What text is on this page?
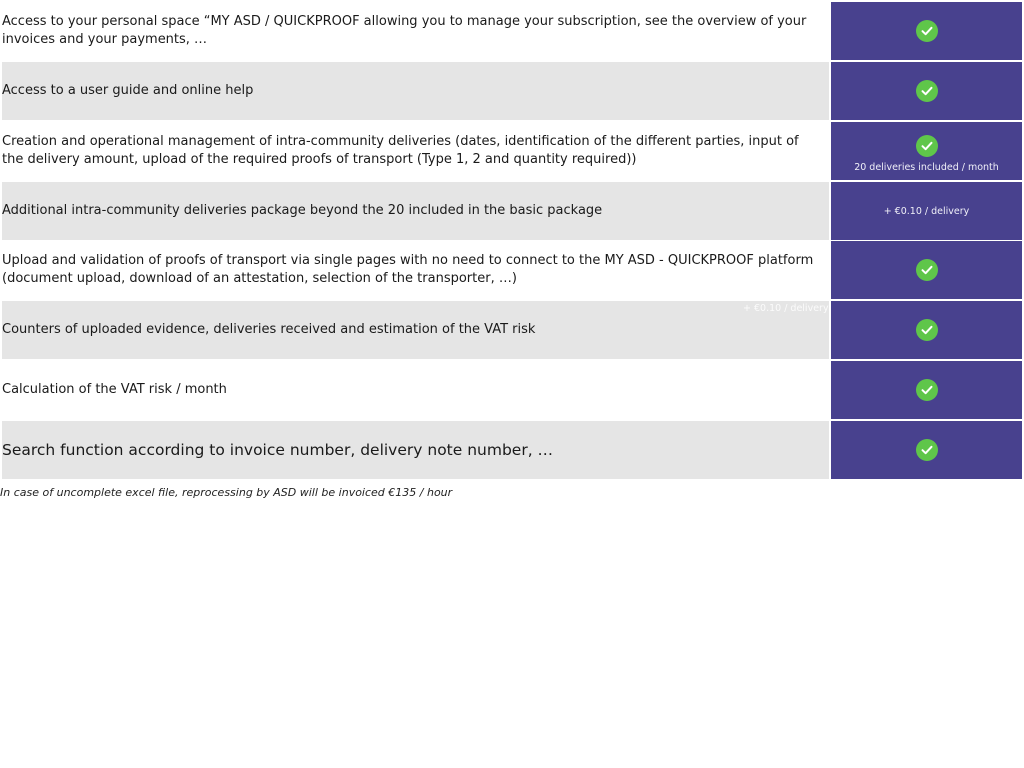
Access to your personal space “MY ASD / QUICKPROOF allowing you to manage your subscription, see the overview of your invoices and your payments, …
Access to a user guide and online help
Creation and operational management of intra-community deliveries (dates, identification of the different parties, input of the delivery amount, upload of the required proofs of transport (Type 1, 2 and quantity required))
20 deliveries included / month
Additional intra-community deliveries package beyond the 20 included in the basic package	+ €0.10 / delivery
Upload and validation of proofs of transport via single pages with no need to connect to the MY ASD - QUICKPROOF platform (document upload, download of an attestation, selection of the transporter, …)
Counters of uploaded evidence, deliveries received and estimation of the VAT risk
+ €0.10 / delivery
Calculation of the VAT risk / month
Search function according to invoice number, delivery note number, …
In case of uncomplete excel file, reprocessing by ASD will be invoiced €135 / hour
